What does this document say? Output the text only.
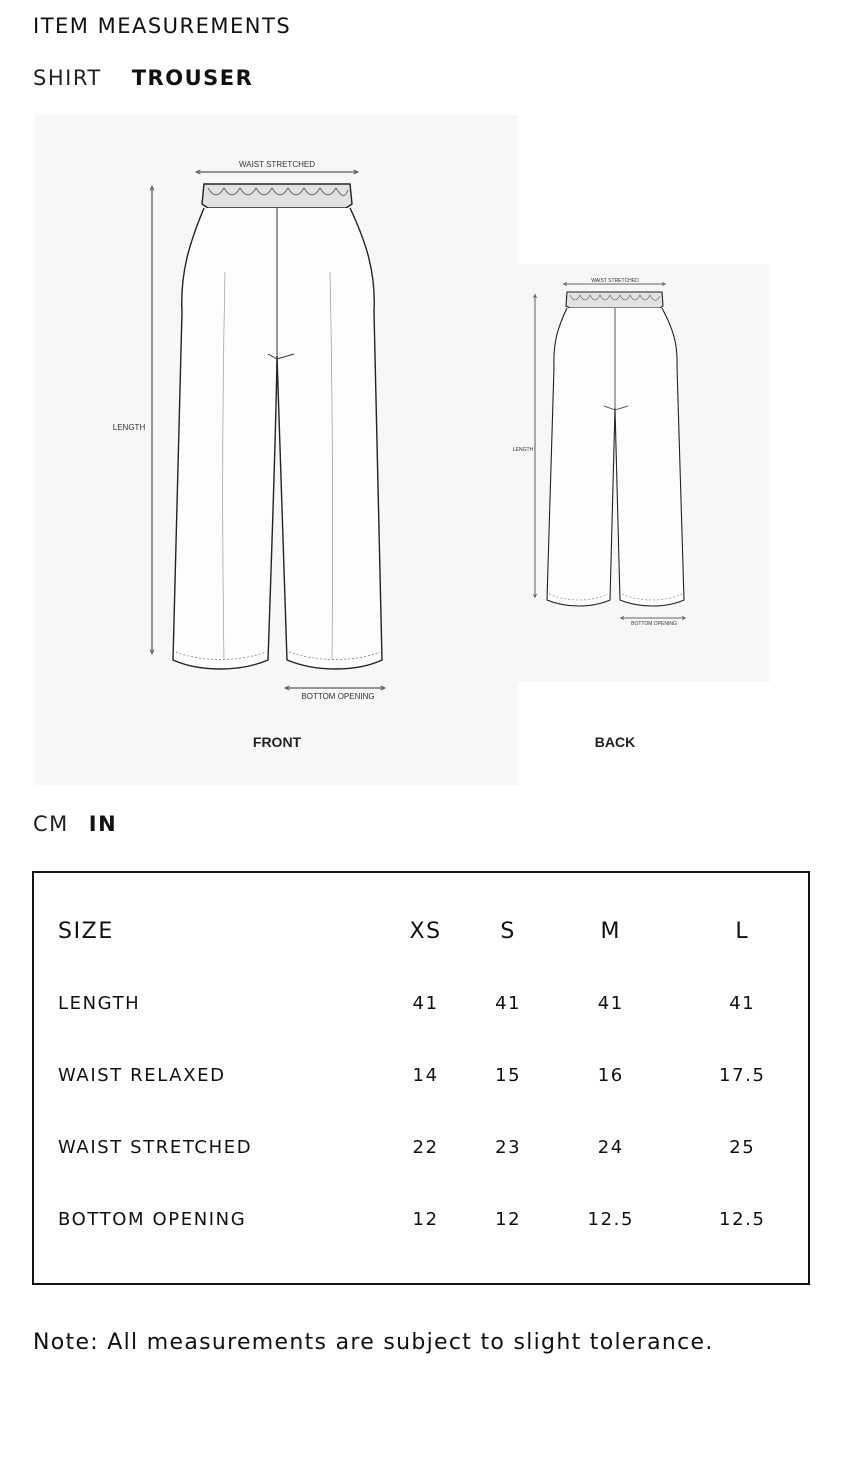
ITEM MEASUREMENTS
SHIRT TROUSER
WAIST STRETCHED
LENGTH
BOTTOM OPENING
FRONT
WAIST STRETCHED
LENGTH
BOTTOM OPENING
BACK
CM IN
SIZE	XS	S	M	L
LENGTH	41	41	41	41
WAIST RELAXED	14	15	16	17.5
WAIST STRETCHED	22	23	24	25
BOTTOM OPENING	12	12	12.5	12.5
Note: All measurements are subject to slight tolerance.
